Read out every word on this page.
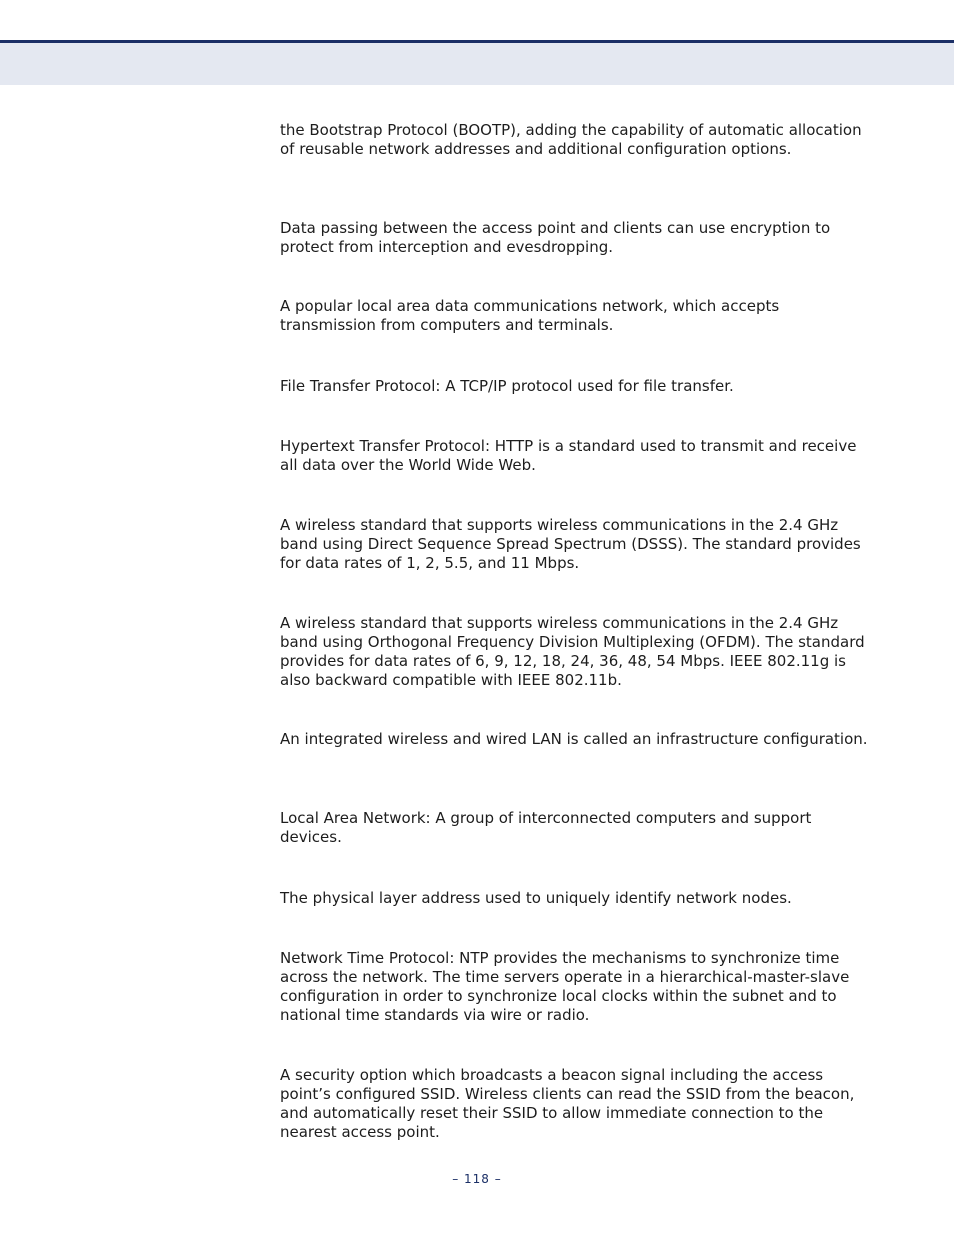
the Bootstrap Protocol (BOOTP), adding the capability of automatic allocation of reusable network addresses and additional configuration options.

Data passing between the access point and clients can use encryption to protect from interception and evesdropping.

A popular local area data communications network, which accepts transmission from computers and terminals.

File Transfer Protocol: A TCP/IP protocol used for file transfer.

Hypertext Transfer Protocol: HTTP is a standard used to transmit and receive all data over the World Wide Web.

A wireless standard that supports wireless communications in the 2.4 GHz band using Direct Sequence Spread Spectrum (DSSS). The standard provides for data rates of 1, 2, 5.5, and 11 Mbps.

A wireless standard that supports wireless communications in the 2.4 GHz band using Orthogonal Frequency Division Multiplexing (OFDM). The standard provides for data rates of 6, 9, 12, 18, 24, 36, 48, 54 Mbps. IEEE 802.11g is also backward compatible with IEEE 802.11b.

An integrated wireless and wired LAN is called an infrastructure configuration.

Local Area Network: A group of interconnected computers and support devices.

The physical layer address used to uniquely identify network nodes.

Network Time Protocol: NTP provides the mechanisms to synchronize time across the network. The time servers operate in a hierarchical-master-slave configuration in order to synchronize local clocks within the subnet and to national time standards via wire or radio.

A security option which broadcasts a beacon signal including the access point’s configured SSID. Wireless clients can read the SSID from the beacon, and automatically reset their SSID to allow immediate connection to the nearest access point.

– 118 –
